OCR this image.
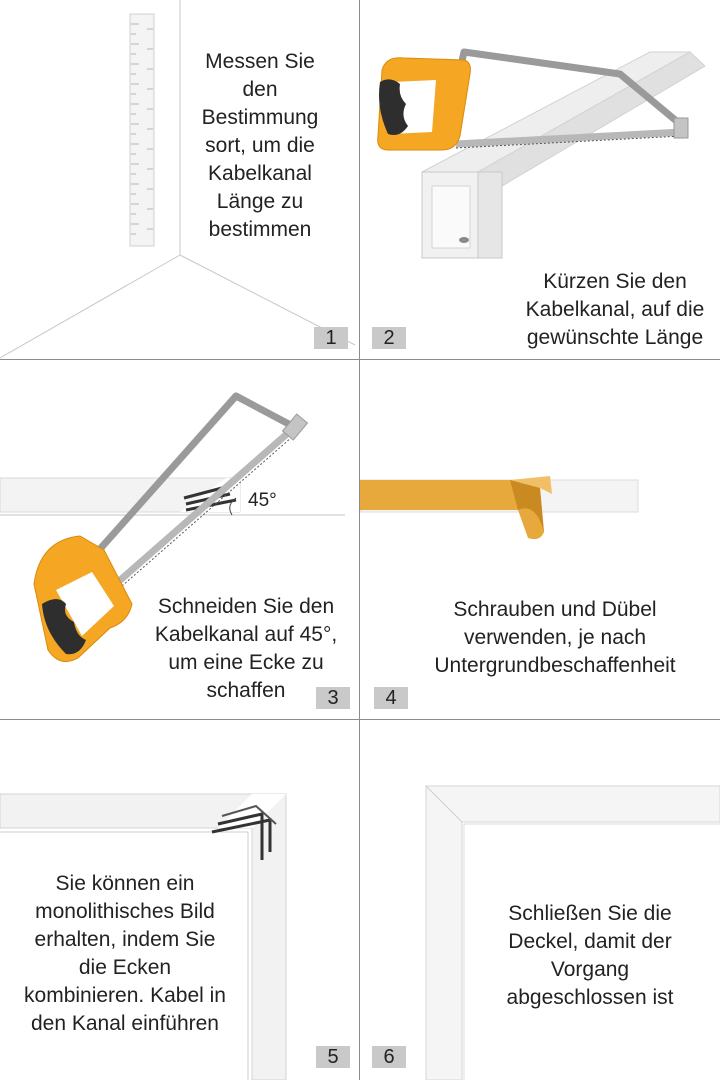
Messen Sie den Bestimmung sort, um die Kabelkanal Länge zu bestimmen
1
Kürzen Sie den Kabelkanal, auf die gewünschte Länge
2
45°
Schneiden Sie den Kabelkanal auf 45°, um eine Ecke zu schaffen	3
Schrauben und Dübel verwenden, je nach Untergrundbeschaffenheit
4
Sie können ein monolithisches Bild erhalten, indem Sie die Ecken kombinieren. Kabel in den Kanal einführen
5
Schließen Sie die Deckel, damit der Vorgang abgeschlossen ist
6
